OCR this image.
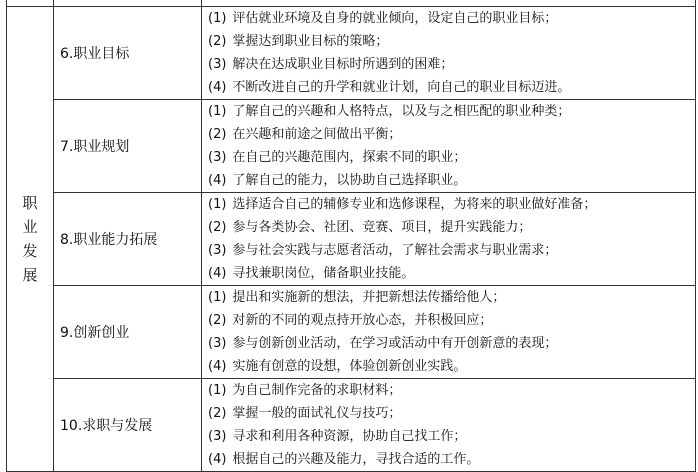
职业发展	6.职业目标	(1) 评估就业环境及自身的就业倾向，设定自己的职业目标；
(2) 掌握达到职业目标的策略；
(3) 解决在达成职业目标时所遇到的困难；
(4) 不断改进自己的升学和就业计划，向自己的职业目标迈进。

	7.职业规划	(1) 了解自己的兴趣和人格特点，以及与之相匹配的职业种类；
(2) 在兴趣和前途之间做出平衡；
(3) 在自己的兴趣范围内，探索不同的职业；
(4) 了解自己的能力，以协助自己选择职业。

	8.职业能力拓展	(1) 选择适合自己的辅修专业和选修课程，为将来的职业做好准备；
(2) 参与各类协会、社团、竞赛、项目，提升实践能力；
(3) 参与社会实践与志愿者活动，了解社会需求与职业需求；
(4) 寻找兼职岗位，储备职业技能。

	9.创新创业	(1) 提出和实施新的想法，并把新想法传播给他人；
(2) 对新的不同的观点持开放心态，并积极回应；
(3) 参与创新创业活动，在学习或活动中有开创新意的表现；
(4) 实施有创意的设想，体验创新创业实践。

	10.求职与发展	(1) 为自己制作完备的求职材料；
(2) 掌握一般的面试礼仪与技巧；
(3) 寻求和利用各种资源，协助自己找工作；
(4) 根据自己的兴趣及能力，寻找合适的工作。
